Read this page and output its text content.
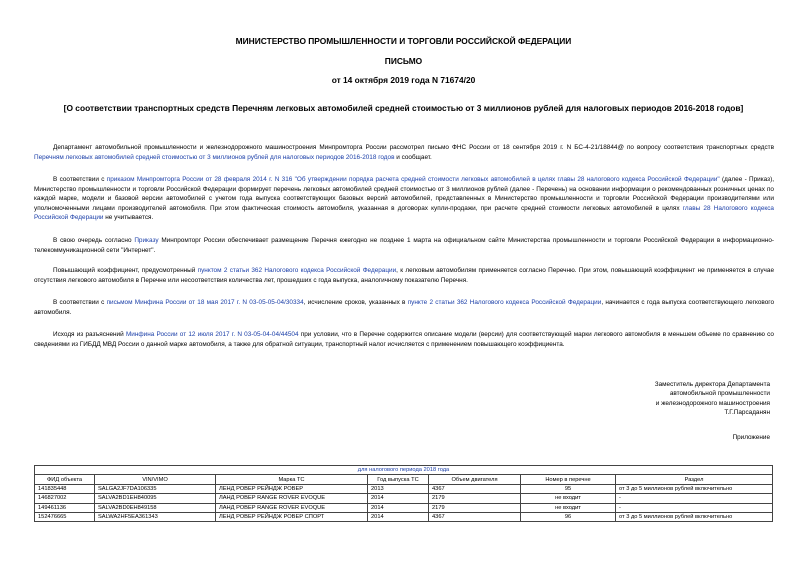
МИНИСТЕРСТВО ПРОМЫШЛЕННОСТИ И ТОРГОВЛИ РОССИЙСКОЙ ФЕДЕРАЦИИ
ПИСЬМО
от 14 октября 2019 года N 71674/20
[О соответствии транспортных средств Перечням легковых автомобилей средней стоимостью от 3 миллионов рублей для налоговых периодов 2016-2018 годов]
Департамент автомобильной промышленности и железнодорожного машиностроения Минпромторга России рассмотрел письмо ФНС России от 18 сентября 2019 г. N БС-4-21/18844@ по вопросу соответствия транспортных средств Перечням легковых автомобилей средней стоимостью от 3 миллионов рублей для налоговых периодов 2016-2018 годов и сообщает.
В соответствии с приказом Минпромторга России от 28 февраля 2014 г. N 316 "Об утверждении порядка расчета средней стоимости легковых автомобилей в целях главы 28 налогового кодекса Российской Федерации" (далее - Приказ), Министерство промышленности и торговли Российской Федерации формирует перечень легковых автомобилей средней стоимостью от 3 миллионов рублей (далее - Перечень) на основании информации о рекомендованных розничных ценах по каждой марке, модели и базовой версии автомобилей с учетом года выпуска соответствующих базовых версий автомобилей, представленных в Министерство промышленности и торговли Российской Федерации производителями или уполномоченными лицами производителей автомобиля. При этом фактическая стоимость автомобиля, указанная в договорах купли-продажи, при расчете средней стоимости легковых автомобилей в целях главы 28 Налогового кодекса Российской Федерации не учитывается.
В свою очередь согласно Приказу Минпромторг России обеспечивает размещение Перечня ежегодно не позднее 1 марта на официальном сайте Министерства промышленности и торговли Российской Федерации в информационно-телекоммуникационной сети "Интернет".
Повышающий коэффициент, предусмотренный пунктом 2 статьи 362 Налогового кодекса Российской Федерации, к легковым автомобилям применяется согласно Перечню. При этом, повышающий коэффициент не применяется в случае отсутствия легкового автомобиля в Перечне или несоответствия количества лет, прошедших с года выпуска, аналогичному показателю Перечня.
В соответствии с письмом Минфина России от 18 мая 2017 г. N 03-05-05-04/30334, исчисление сроков, указанных в пункте 2 статьи 362 Налогового кодекса Российской Федерации, начинается с года выпуска соответствующего легкового автомобиля.
Исходя из разъяснений Минфина России от 12 июля 2017 г. N 03-05-04-04/44504 при условии, что в Перечне содержится описание модели (версии) для соответствующей марки легкового автомобиля в меньшем объеме по сравнению со сведениями из ГИБДД МВД России о данной марке автомобиля, а также для обратной ситуации, транспортный налог исчисляется с применением повышающего коэффициента.
Заместитель директора Департамента
автомобильной промышленности
и железнодорожного машиностроения
Т.Г.Парсаданян
Приложение
для налогового периода 2018 года						
ФИД объекта	VIN/VIMO	Марка ТС	Год выпуска ТС	Объем двигателя	Номер в перечне	Раздел
141835448	SALGA2JF7DA106335	ЛЕНД РОВЕР РЕЙНДЖ РОВЕР	2013	4367	95	от 3 до 5 миллионов рублей включительно
146827002	SALVA2BD1EH840095	ЛАНД РОВЕР RANGE ROVER EVOQUE	2014	2179	не входит	-
149461136	SALVA2BD0EH849158	ЛАНД РОВЕР RANGE ROVER EVOQUE	2014	2179	не входит	-
152476665	SALWA2HF5EA361343	ЛЕНД РОВЕР РЕЙНДЖ РОВЕР СПОРТ	2014	4367	96	от 3 до 5 миллионов рублей включительно
